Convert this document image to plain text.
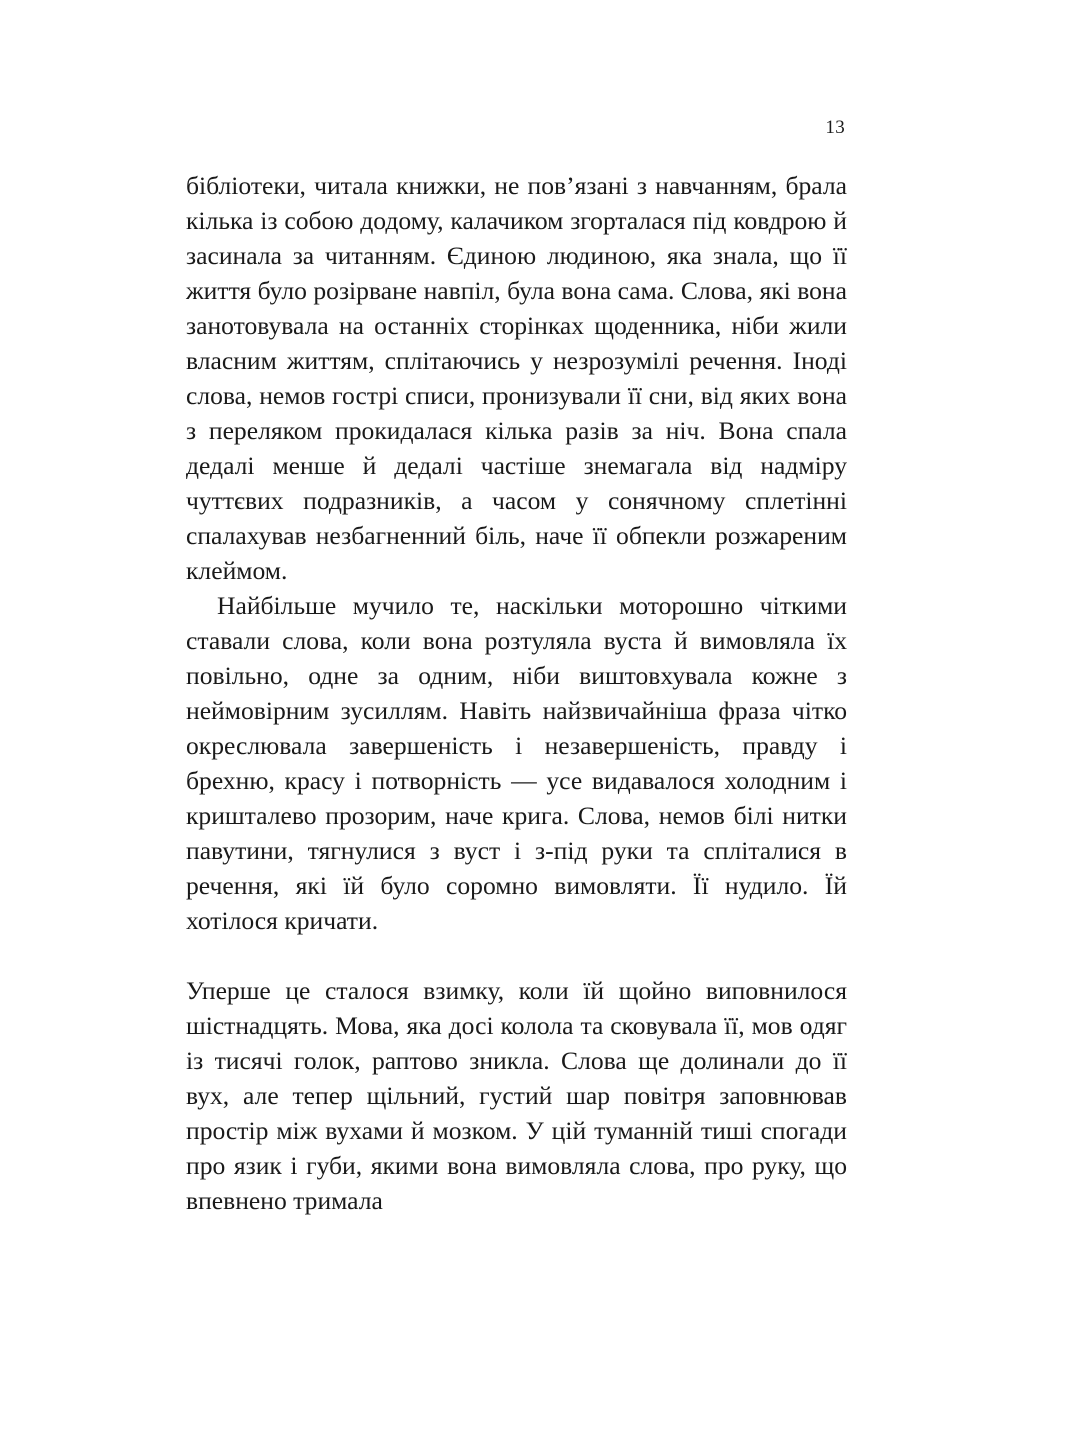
13

бібліотеки, читала книжки, не пов’язані з навчанням, брала кілька із собою додому, калачиком згорталася під ковдрою й засинала за читанням. Єдиною людиною, яка знала, що її життя було розірване навпіл, була вона сама. Слова, які вона занотовувала на останніх сторінках щоденника, ніби жили власним життям, сплітаючись у незрозумілі речення. Іноді слова, немов гострі списи, пронизували її сни, від яких вона з переляком прокидалася кілька разів за ніч. Вона спала дедалі менше й дедалі частіше знемагала від надміру чуттєвих подразників, а часом у сонячному сплетінні спалахував незбагненний біль, наче її обпекли розжареним клеймом.

Найбільше мучило те, наскільки моторошно чіткими ставали слова, коли вона розтуляла вуста й вимовляла їх повільно, одне за одним, ніби виштовхувала кожне з неймовірним зусиллям. Навіть найзвичайніша фраза чітко окреслювала завершеність і незавершеність, правду і брехню, красу і потворність — усе видавалося холодним і кришталево прозорим, наче крига. Слова, немов білі нитки павутини, тягнулися з вуст і з-під руки та спліталися в речення, які їй було соромно вимовляти. Її нудило. Їй хотілося кричати.

Уперше це сталося взимку, коли їй щойно виповнилося шістнадцять. Мова, яка досі колола та сковувала її, мов одяг із тисячі голок, раптово зникла. Слова ще долинали до її вух, але тепер щільний, густий шар повітря заповнював простір між вухами й мозком. У цій туманній тиші спогади про язик і губи, якими вона вимовляла слова, про руку, що впевнено тримала
